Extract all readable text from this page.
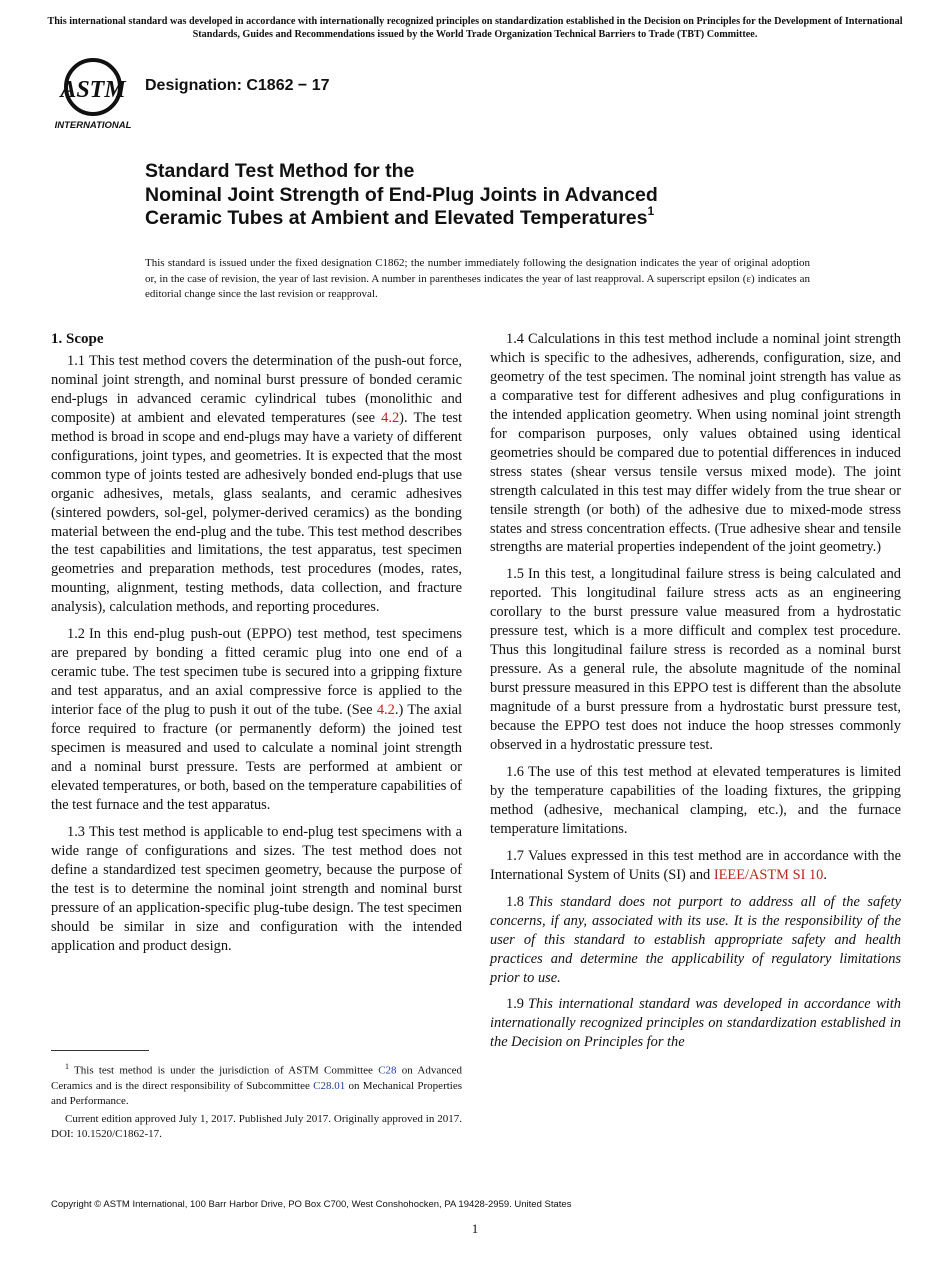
This international standard was developed in accordance with internationally recognized principles on standardization established in the Decision on Principles for the Development of International Standards, Guides and Recommendations issued by the World Trade Organization Technical Barriers to Trade (TBT) Committee.
ASTM
INTERNATIONAL
Designation: C1862 − 17
Standard Test Method for the
Nominal Joint Strength of End-Plug Joints in Advanced
Ceramic Tubes at Ambient and Elevated Temperatures$^1$
This standard is issued under the fixed designation C1862; the number immediately following the designation indicates the year of original adoption or, in the case of revision, the year of last revision. A number in parentheses indicates the year of last reapproval. A superscript epsilon (ε) indicates an editorial change since the last revision or reapproval.

1. Scope

1.1 This test method covers the determination of the push-out force, nominal joint strength, and nominal burst pressure of bonded ceramic end-plugs in advanced ceramic cylindrical tubes (monolithic and composite) at ambient and elevated temperatures (see 4.2). The test method is broad in scope and end-plugs may have a variety of different configurations, joint types, and geometries. It is expected that the most common type of joints tested are adhesively bonded end-plugs that use organic adhesives, metals, glass sealants, and ceramic adhesives (sintered powders, sol-gel, polymer-derived ceramics) as the bonding material between the end-plug and the tube. This test method describes the test capabilities and limitations, the test apparatus, test specimen geometries and preparation methods, test procedures (modes, rates, mounting, alignment, testing methods, data collection, and fracture analysis), calculation methods, and reporting procedures.

1.2 In this end-plug push-out (EPPO) test method, test specimens are prepared by bonding a fitted ceramic plug into one end of a ceramic tube. The test specimen tube is secured into a gripping fixture and test apparatus, and an axial compressive force is applied to the interior face of the plug to push it out of the tube. (See 4.2.) The axial force required to fracture (or permanently deform) the joined test specimen is measured and used to calculate a nominal joint strength and a nominal burst pressure. Tests are performed at ambient or elevated temperatures, or both, based on the temperature capabilities of the test furnace and the test apparatus.

1.3 This test method is applicable to end-plug test specimens with a wide range of configurations and sizes. The test method does not define a standardized test specimen geometry, because the purpose of the test is to determine the nominal joint strength and nominal burst pressure of an application-specific plug-tube design. The test specimen should be similar in size and configuration with the intended application and product design.

1.4 Calculations in this test method include a nominal joint strength which is specific to the adhesives, adherends, configuration, size, and geometry of the test specimen. The nominal joint strength has value as a comparative test for different adhesives and plug configurations in the intended application geometry. When using nominal joint strength for comparison purposes, only values obtained using identical geometries should be compared due to potential differences in induced stress states (shear versus tensile versus mixed mode). The joint strength calculated in this test may differ widely from the true shear or tensile strength (or both) of the adhesive due to mixed-mode stress states and stress concentration effects. (True adhesive shear and tensile strengths are material properties independent of the joint geometry.)

1.5 In this test, a longitudinal failure stress is being calculated and reported. This longitudinal failure stress acts as an engineering corollary to the burst pressure value measured from a hydrostatic pressure test, which is a more difficult and complex test procedure. Thus this longitudinal failure stress is recorded as a nominal burst pressure. As a general rule, the absolute magnitude of the nominal burst pressure measured in this EPPO test is different than the absolute magnitude of a burst pressure from a hydrostatic burst pressure test, because the EPPO test does not induce the hoop stresses commonly observed in a hydrostatic pressure test.

1.6 The use of this test method at elevated temperatures is limited by the temperature capabilities of the loading fixtures, the gripping method (adhesive, mechanical clamping, etc.), and the furnace temperature limitations.

1.7 Values expressed in this test method are in accordance with the International System of Units (SI) and IEEE/ASTM SI 10.

1.8 This standard does not purport to address all of the safety concerns, if any, associated with its use. It is the responsibility of the user of this standard to establish appropriate safety and health practices and determine the applicability of regulatory limitations prior to use.

1.9 This international standard was developed in accordance with internationally recognized principles on standardization established in the Decision on Principles for the

$^1$ This test method is under the jurisdiction of ASTM Committee C28 on Advanced Ceramics and is the direct responsibility of Subcommittee C28.01 on Mechanical Properties and Performance.

Current edition approved July 1, 2017. Published July 2017. Originally approved in 2017. DOI: 10.1520/C1862-17.

Copyright © ASTM International, 100 Barr Harbor Drive, PO Box C700, West Conshohocken, PA 19428-2959. United States
1
